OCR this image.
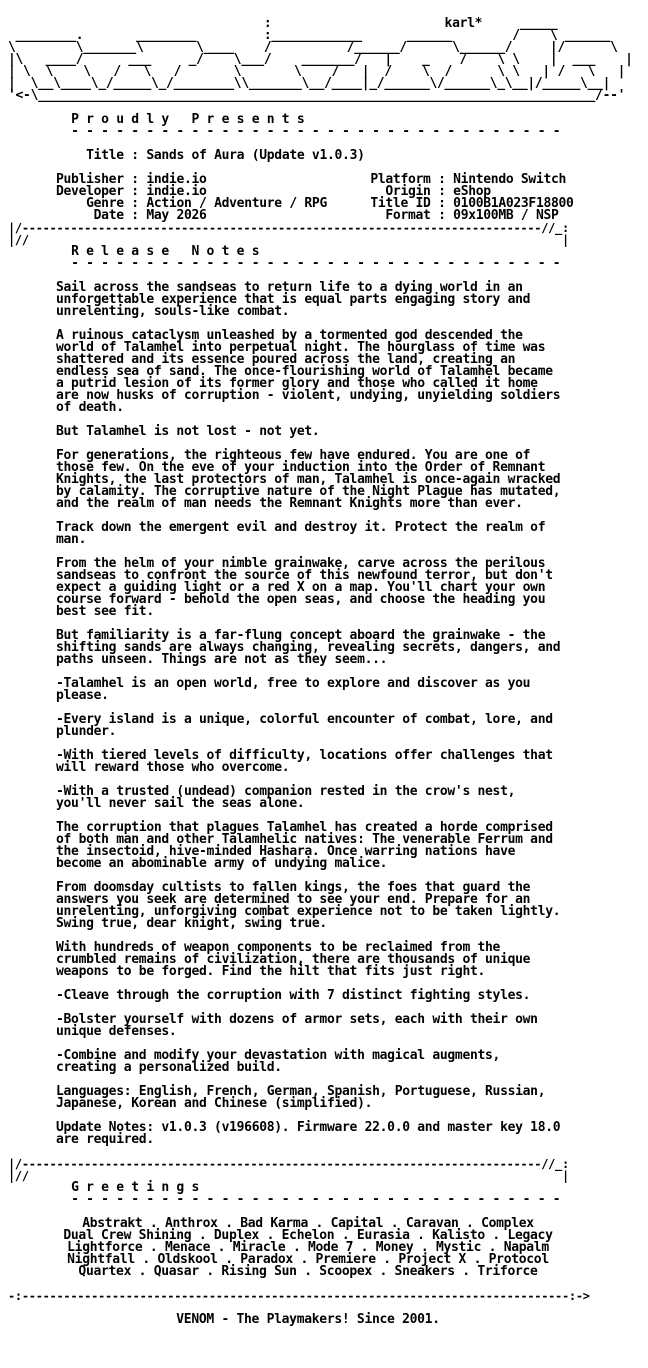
:                       karl*     _____
________.       ________         :____________      ______        /    \ ______
\        \_______\       \____    /          /______/      \______/     |/      \
|\   ____/      ___     _/    \___/    _______/   |    _    /    \ \    |  ___    |
| \  \    \   /   \   /       \       \    /   |  /    \  /      \ \   | /   \   |
|  \__\____\_/_____\_/________\\_______\__/____|_/______\/______\_\__|/_____\__|
'<-\__________________________________________________________________________/--'
P r o u d l y   P r e s e n t s
- - - - - - - - - - - - - - - - - - - - - - - - - - - - - - - - -
Title : Sands of Aura (Update v1.0.3)
Publisher : indie.io	Platform : Nintendo Switch
Developer : indie.io	Origin : eShop
Genre : Action / Adventure / RPG	Title ID : 0100B1A023F18800
Date : May 2026	Format : 09x100MB / NSP
|/---------------------------------------------------------------------------//_:
|//                                                                             |
R e l e a s e   N o t e s
- - - - - - - - - - - - - - - - - - - - - - - - - - - - - - - - -
Sail across the sandseas to return life to a dying world in an
unforgettable experience that is equal parts engaging story and
unrelenting, souls-like combat.
A ruinous cataclysm unleashed by a tormented god descended the
world of Talamhel into perpetual night. The hourglass of time was
shattered and its essence poured across the land, creating an
endless sea of sand. The once-flourishing world of Talamhel became
a putrid lesion of its former glory and those who called it home
are now husks of corruption - violent, undying, unyielding soldiers
of death.
But Talamhel is not lost - not yet.
For generations, the righteous few have endured. You are one of
those few. On the eve of your induction into the Order of Remnant
Knights, the last protectors of man, Talamhel is once-again wracked
by calamity. The corruptive nature of the Night Plague has mutated,
and the realm of man needs the Remnant Knights more than ever.
Track down the emergent evil and destroy it. Protect the realm of
man.
From the helm of your nimble grainwake, carve across the perilous
sandseas to confront the source of this newfound terror, but don't
expect a guiding light or a red X on a map. You'll chart your own
course forward - behold the open seas, and choose the heading you
best see fit.
But familiarity is a far-flung concept aboard the grainwake - the
shifting sands are always changing, revealing secrets, dangers, and
paths unseen. Things are not as they seem...
-Talamhel is an open world, free to explore and discover as you
please.
-Every island is a unique, colorful encounter of combat, lore, and
plunder.
-With tiered levels of difficulty, locations offer challenges that
will reward those who overcome.
-With a trusted (undead) companion rested in the crow's nest,
you'll never sail the seas alone.
The corruption that plagues Talamhel has created a horde comprised
of both man and other Talamhelic natives: The venerable Ferrum and
the insectoid, hive-minded Hashara. Once warring nations have
become an abominable army of undying malice.
From doomsday cultists to fallen kings, the foes that guard the
answers you seek are determined to see your end. Prepare for an
unrelenting, unforgiving combat experience not to be taken lightly.
Swing true, dear knight, swing true.
With hundreds of weapon components to be reclaimed from the
crumbled remains of civilization, there are thousands of unique
weapons to be forged. Find the hilt that fits just right.
-Cleave through the corruption with 7 distinct fighting styles.
-Bolster yourself with dozens of armor sets, each with their own
unique defenses.
-Combine and modify your devastation with magical augments,
creating a personalized build.
Languages: English, French, German, Spanish, Portuguese, Russian,
Japanese, Korean and Chinese (simplified).
Update Notes: v1.0.3 (v196608). Firmware 22.0.0 and master key 18.0
are required.
|/---------------------------------------------------------------------------//_:
|//                                                                             |
G r e e t i n g s
- - - - - - - - - - - - - - - - - - - - - - - - - - - - - - - - -
Abstrakt . Anthrox . Bad Karma . Capital . Caravan . Complex
Dual Crew Shining . Duplex . Echelon . Eurasia . Kalisto . Legacy
Lightforce . Menace . Miracle . Mode 7 . Money . Mystic . Napalm
Nightfall . Oldskool . Paradox . Premiere . Project X . Protocol
Quartex . Quasar . Rising Sun . Scoopex . Sneakers . Triforce
-:-------------------------------------------------------------------------------:->
VENOM - The Playmakers! Since 2001.
